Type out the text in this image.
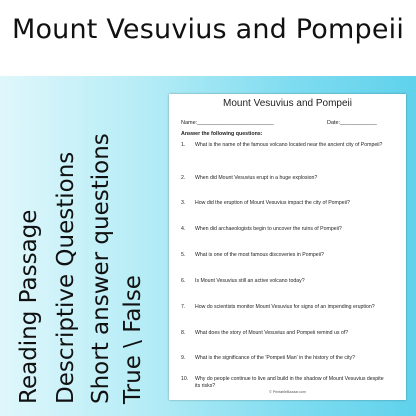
Mount Vesuvius and Pompeii
Reading Passage Descriptive Questions Short answer questions True \ False
Mount Vesuvius and Pompeii
Name:_________________________	Date:____________
Answer the following questions:
1. What is the name of the famous volcano located near the ancient city of Pompeii?
2. When did Mount Vesuvius erupt in a huge explosion?
3. How did the eruption of Mount Vesuvius impact the city of Pompeii?
4. When did archaeologists begin to uncover the ruins of Pompeii?
5. What is one of the most famous discoveries in Pompeii?
6. Is Mount Vesuvius still an active volcano today?
7. How do scientists monitor Mount Vesuvius for signs of an impending eruption?
8. What does the story of Mount Vesuvius and Pompeii remind us of?
9. What is the significance of the 'Pompeii Man' in the history of the city?
10. Why do people continue to live and build in the shadow of Mount Vesuvius despite its risks?
© PrintableBazaar.com
